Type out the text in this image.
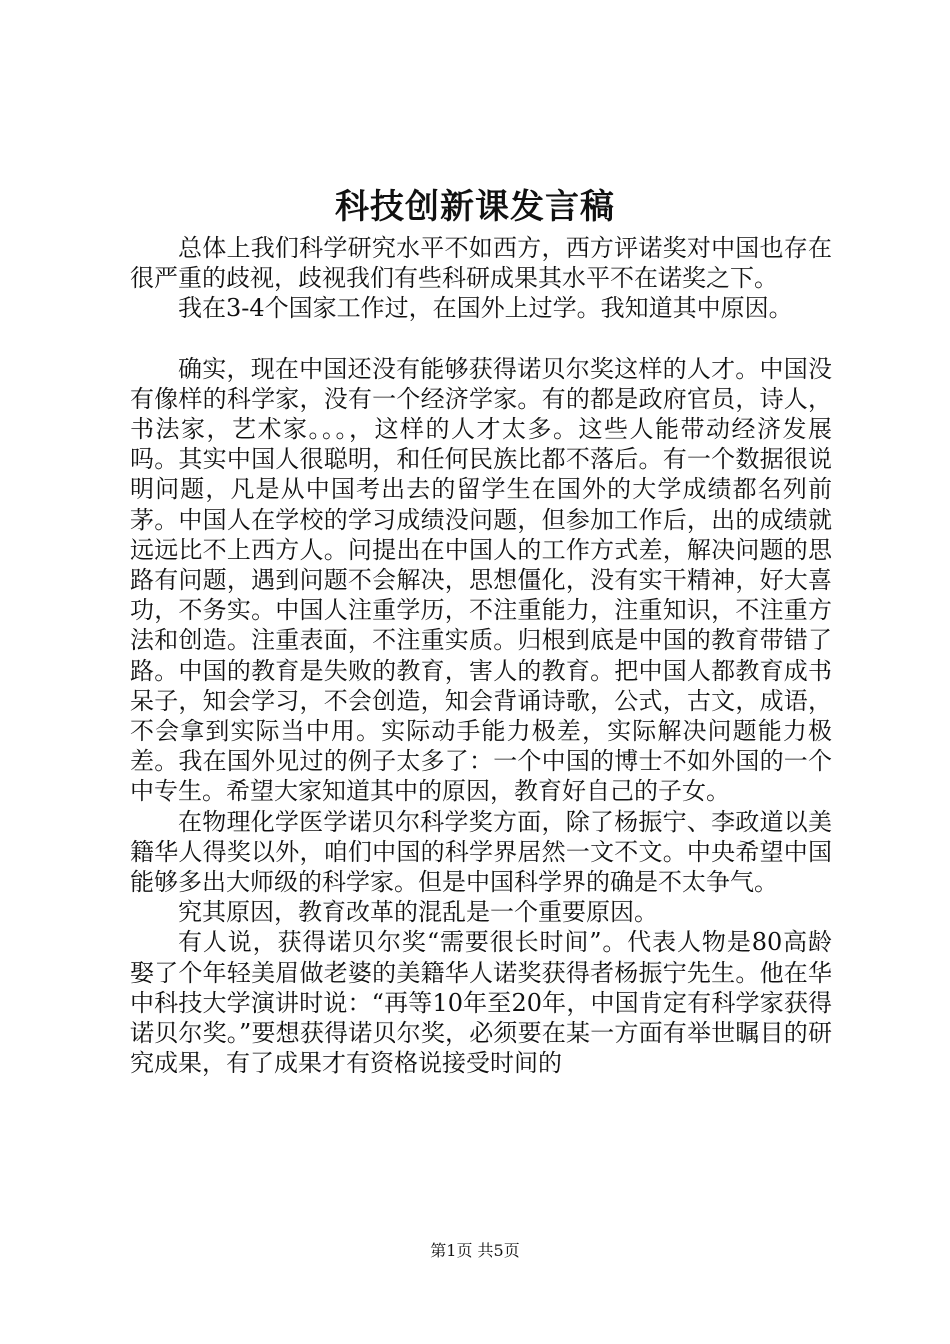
科技创新课发言稿

总体上我们科学研究水平不如西方，西方评诺奖对中国也存在很严重的歧视，歧视我们有些科研成果其水平不在诺奖之下。

我在3-4个国家工作过，在国外上过学。我知道其中原因。

确实，现在中国还没有能够获得诺贝尔奖这样的人才。中国没有像样的科学家，没有一个经济学家。有的都是政府官员，诗人，书法家，艺术家。。。，这样的人才太多。这些人能带动经济发展吗。其实中国人很聪明，和任何民族比都不落后。有一个数据很说明问题，凡是从中国考出去的留学生在国外的大学成绩都名列前茅。中国人在学校的学习成绩没问题，但参加工作后，出的成绩就远远比不上西方人。问提出在中国人的工作方式差，解决问题的思路有问题，遇到问题不会解决，思想僵化，没有实干精神，好大喜功，不务实。中国人注重学历，不注重能力，注重知识，不注重方法和创造。注重表面，不注重实质。归根到底是中国的教育带错了路。中国的教育是失败的教育，害人的教育。把中国人都教育成书呆子，知会学习，不会创造，知会背诵诗歌，公式，古文，成语，不会拿到实际当中用。实际动手能力极差，实际解决问题能力极差。我在国外见过的例子太多了：一个中国的博士不如外国的一个中专生。希望大家知道其中的原因，教育好自己的子女。

在物理化学医学诺贝尔科学奖方面，除了杨振宁、李政道以美籍华人得奖以外，咱们中国的科学界居然一文不文。中央希望中国能够多出大师级的科学家。但是中国科学界的确是不太争气。

究其原因，教育改革的混乱是一个重要原因。

有人说，获得诺贝尔奖“需要很长时间”。代表人物是80高龄娶了个年轻美眉做老婆的美籍华人诺奖获得者杨振宁先生。他在华中科技大学演讲时说：“再等10年至20年，中国肯定有科学家获得诺贝尔奖。”要想获得诺贝尔奖，必须要在某一方面有举世瞩目的研究成果，有了成果才有资格说接受时间的

第1页 共5页
